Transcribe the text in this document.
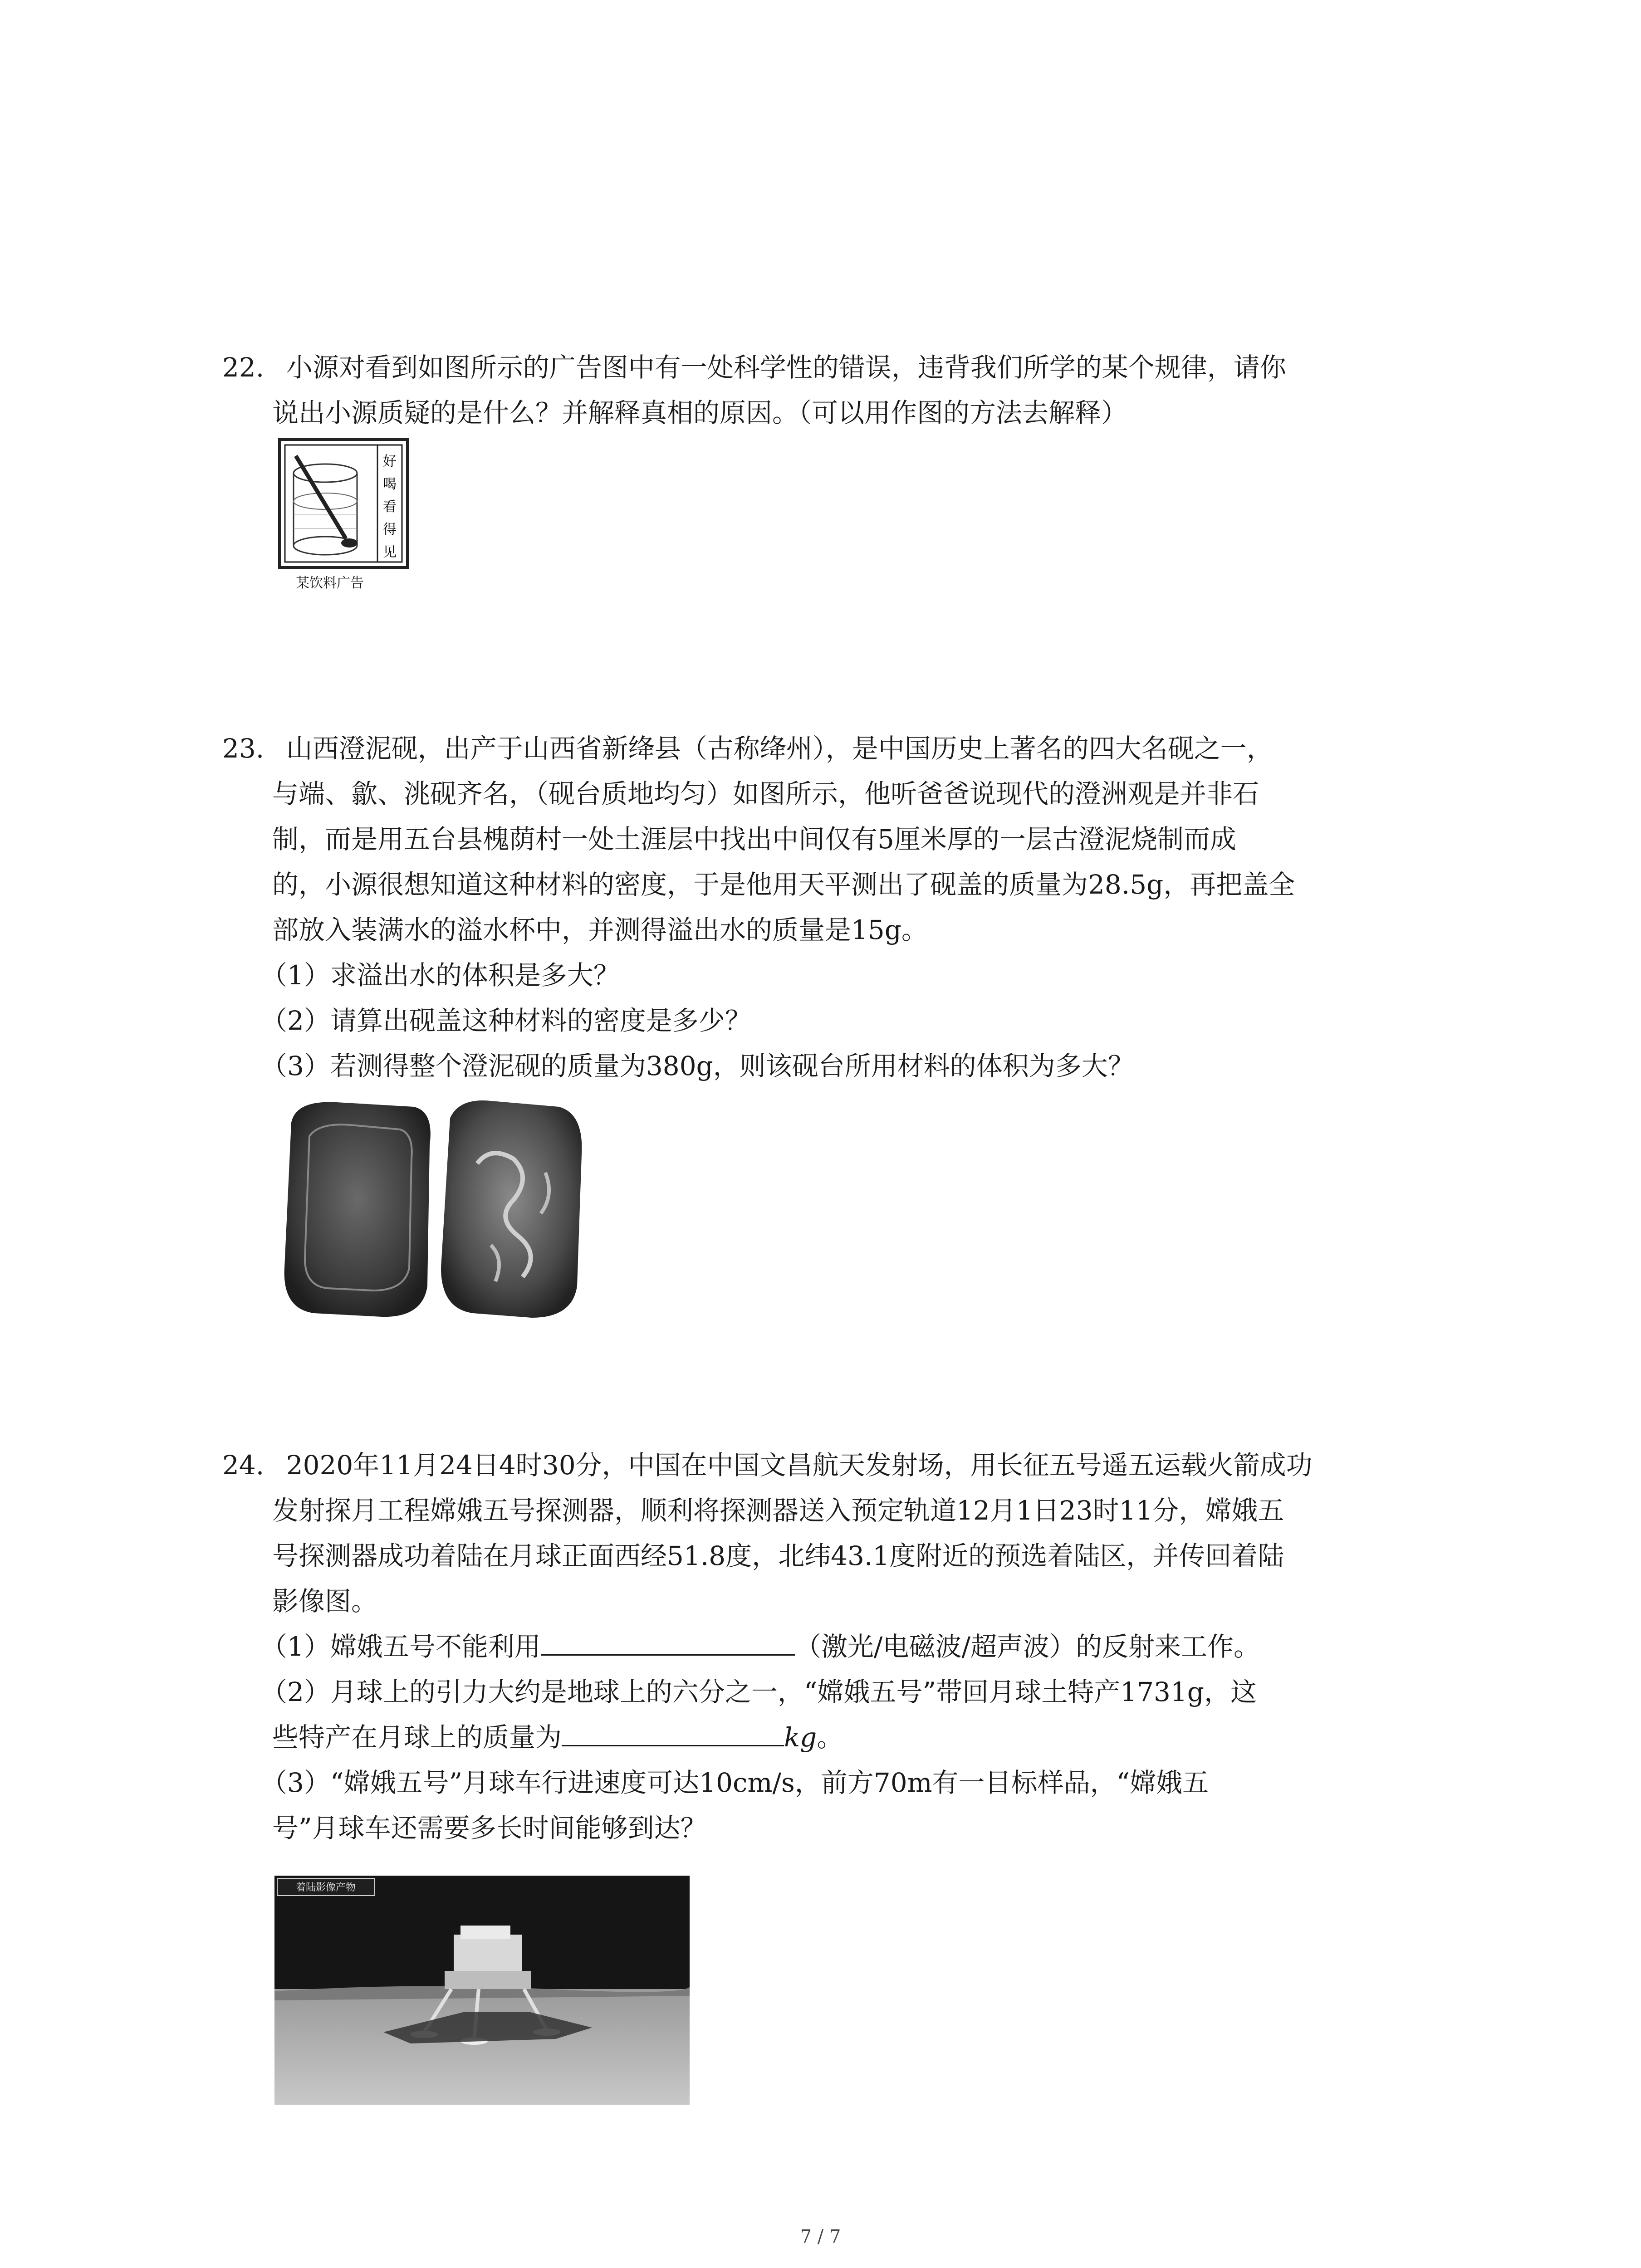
22. 小源对看到如图所示的广告图中有一处科学性的错误，违背我们所学的某个规律，请你
说出小源质疑的是什么？并解释真相的原因。（可以用作图的方法去解释）
好
喝
看
得
见
某饮料广告
23. 山西澄泥砚，出产于山西省新绛县（古称绛州），是中国历史上著名的四大名砚之一，
与端、歙、洮砚齐名，（砚台质地均匀）如图所示，他听爸爸说现代的澄洲观是并非石
制，而是用五台县槐荫村一处土涯层中找出中间仅有5厘米厚的一层古澄泥烧制而成
的，小源很想知道这种材料的密度，于是他用天平测出了砚盖的质量为28.5g，再把盖全
部放入装满水的溢水杯中，并测得溢出水的质量是15g。
（1）求溢出水的体积是多大？
（2）请算出砚盖这种材料的密度是多少？
（3）若测得整个澄泥砚的质量为380g，则该砚台所用材料的体积为多大？
24. 2020年11月24日4时30分，中国在中国文昌航天发射场，用长征五号遥五运载火箭成功
发射探月工程嫦娥五号探测器，顺利将探测器送入预定轨道12月1日23时11分，嫦娥五
号探测器成功着陆在月球正面西经51.8度，北纬43.1度附近的预选着陆区，并传回着陆
影像图。
（1）嫦娥五号不能利用	（激光/电磁波/超声波）的反射来工作。
（2）月球上的引力大约是地球上的六分之一，“嫦娥五号”带回月球土特产1731g，这
些特产在月球上的质量为	kg。
（3）“嫦娥五号”月球车行进速度可达10cm/s，前方70m有一目标样品，“嫦娥五
号”月球车还需要多长时间能够到达？
着陆影像产物
7 / 7
